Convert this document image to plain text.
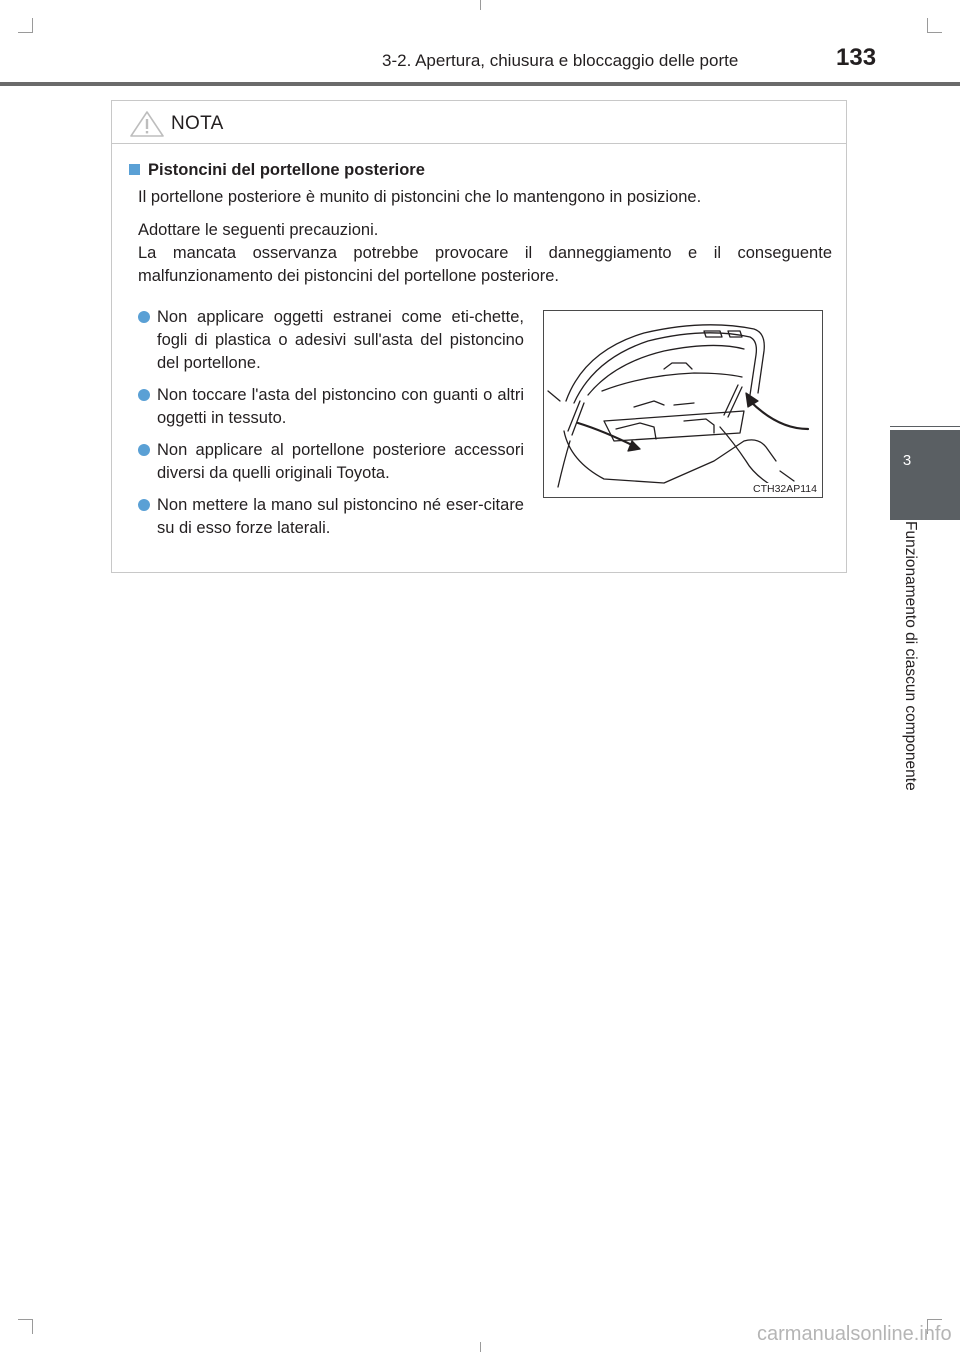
3-2. Apertura, chiusura e bloccaggio delle porte	133
3
Funzionamento di ciascun componente
NOTA
Pistoncini del portellone posteriore
Il portellone posteriore è munito di pistoncini che lo mantengono in posizione.
Adottare le seguenti precauzioni.
La mancata osservanza potrebbe provocare il danneggiamento e il conseguente malfunzionamento dei pistoncini del portellone posteriore.
Non applicare oggetti estranei come eti-chette, fogli di plastica o adesivi sull'asta del pistoncino del portellone.
Non toccare l'asta del pistoncino con guanti o altri oggetti in tessuto.
Non applicare al portellone posteriore accessori diversi da quelli originali Toyota.
Non mettere la mano sul pistoncino né eser-citare su di esso forze laterali.
CTH32AP114
carmanualsonline.info
